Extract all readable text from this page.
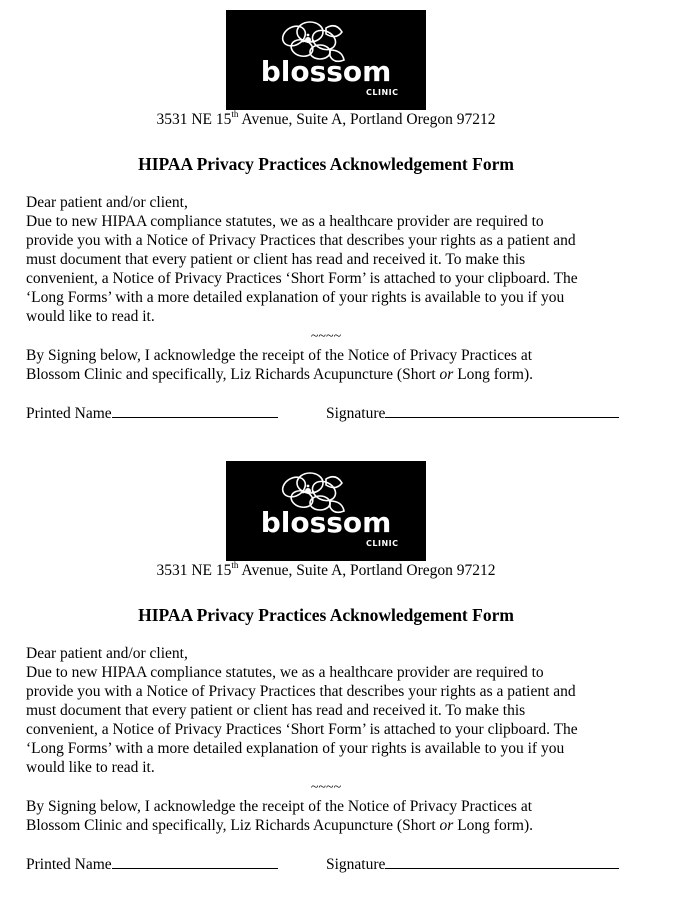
blossom
CLINIC
3531 NE 15th Avenue, Suite A, Portland Oregon 97212
HIPAA Privacy Practices Acknowledgement Form
Dear patient and/or client,
Due to new HIPAA compliance statutes, we as a healthcare provider are required to
provide you with a Notice of Privacy Practices that describes your rights as a patient and
must document that every patient or client has read and received it. To make this
convenient, a Notice of Privacy Practices ‘Short Form’ is attached to your clipboard. The
‘Long Forms’ with a more detailed explanation of your rights is available to you if you
would like to read it.
~~~~
By Signing below, I acknowledge the receipt of the Notice of Privacy Practices at
Blossom Clinic and specifically, Liz Richards Acupuncture (Short or Long form).
Printed Name	Signature
blossom
CLINIC
3531 NE 15th Avenue, Suite A, Portland Oregon 97212
HIPAA Privacy Practices Acknowledgement Form
Dear patient and/or client,
Due to new HIPAA compliance statutes, we as a healthcare provider are required to
provide you with a Notice of Privacy Practices that describes your rights as a patient and
must document that every patient or client has read and received it. To make this
convenient, a Notice of Privacy Practices ‘Short Form’ is attached to your clipboard. The
‘Long Forms’ with a more detailed explanation of your rights is available to you if you
would like to read it.
~~~~
By Signing below, I acknowledge the receipt of the Notice of Privacy Practices at
Blossom Clinic and specifically, Liz Richards Acupuncture (Short or Long form).
Printed Name	Signature
